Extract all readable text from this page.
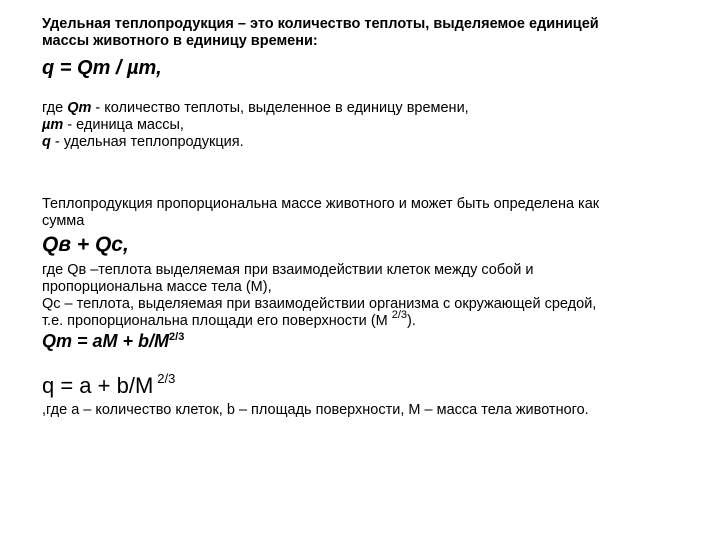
Удельная теплопродукция – это количество теплоты, выделяемое единицей
массы животного в единицу времени:
q = Qт / µт,
где Qт - количество теплоты, выделенное в единицу времени,
µт - единица массы,
q - удельная теплопродукция.
Теплопродукция пропорциональна массе животного и может быть определена как
сумма
Qв + Qс,
где Qв –теплота выделяемая при взаимодействии клеток между собой и
пропорциональна массе тела (М),
Qс – теплота, выделяемая при взаимодействии организма с окружающей средой,
т.е. пропорциональна площади его поверхности (М $^{2/3}$).
Qт = аМ + $b/М^{2/3}$
q = a + b/M $^{2/3}$
,где а – количество клеток, b – площадь поверхности, М – масса тела животного.
